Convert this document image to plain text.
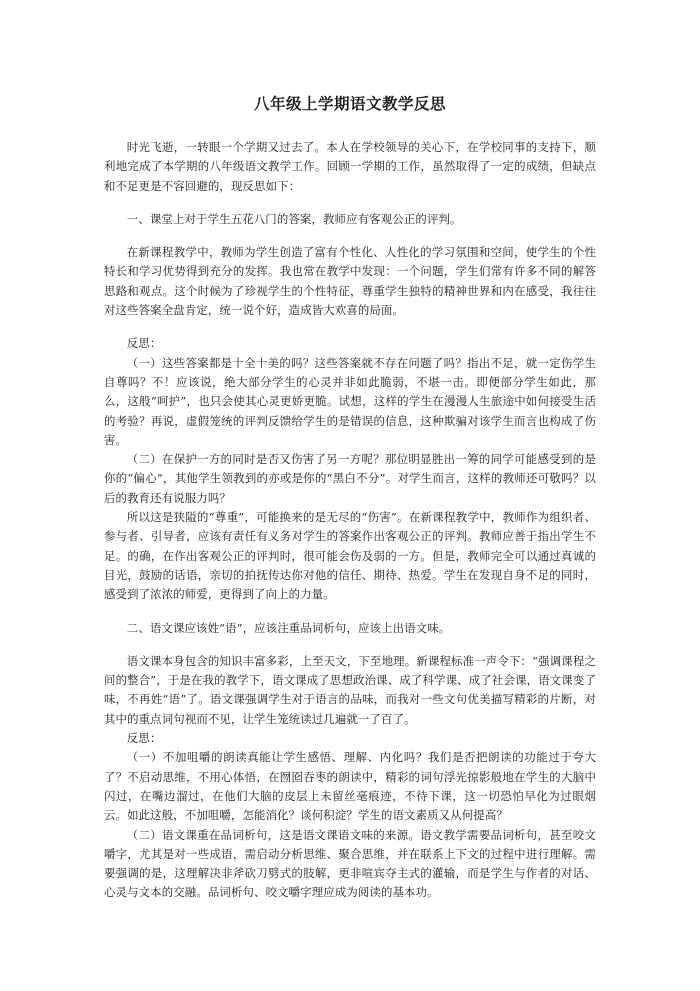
八年级上学期语文教学反思

时光飞逝，一转眼一个学期又过去了。本人在学校领导的关心下，在学校同事的支持下，顺利地完成了本学期的八年级语文教学工作。回顾一学期的工作，虽然取得了一定的成绩，但缺点和不足更是不容回避的，现反思如下：

一、课堂上对于学生五花八门的答案，教师应有客观公正的评判。

在新课程教学中，教师为学生创造了富有个性化、人性化的学习氛围和空间，使学生的个性特长和学习优势得到充分的发挥。我也常在教学中发现：一个问题，学生们常有许多不同的解答思路和观点。这个时候为了珍视学生的个性特征，尊重学生独特的精神世界和内在感受，我往往对这些答案全盘肯定，统一说个好，造成皆大欢喜的局面。

反思：

（一）这些答案都是十全十美的吗？这些答案就不存在问题了吗？指出不足，就一定伤学生自尊吗？不！应该说，绝大部分学生的心灵并非如此脆弱，不堪一击。即便部分学生如此，那么，这般“呵护”，也只会使其心灵更娇更脆。试想，这样的学生在漫漫人生旅途中如何接受生活的考验？再说，虚假笼统的评判反馈给学生的是错误的信息，这种欺骗对该学生而言也构成了伤害。

（二）在保护一方的同时是否又伤害了另一方呢？那位明显胜出一筹的同学可能感受到的是你的“偏心”，其他学生领教到的亦或是你的“黑白不分”。对学生而言，这样的教师还可敬吗？以后的教育还有说服力吗？

所以这是狭隘的“尊重”，可能换来的是无尽的“伤害”。在新课程教学中，教师作为组织者、参与者、引导者，应该有责任有义务对学生的答案作出客观公正的评判。教师应善于指出学生不足。的确，在作出客观公正的评判时，很可能会伤及弱的一方。但是，教师完全可以通过真诚的目光，鼓励的话语，亲切的拍抚传达你对他的信任、期待、热爱。学生在发现自身不足的同时，感受到了浓浓的师爱，更得到了向上的力量。

二、语文课应该姓“语”，应该注重品词析句，应该上出语文味。

语文课本身包含的知识丰富多彩，上至天文，下至地理。新课程标准一声令下：“强调课程之间的整合”，于是在我的教学下，语文课成了思想政治课、成了科学课、成了社会课，语文课变了味，不再姓“语”了。语文课强调学生对于语言的品味，而我对一些文句优美描写精彩的片断，对其中的重点词句视而不见，让学生笼统读过几遍就一了百了。

反思：

（一）不加咀嚼的朗读真能让学生感悟、理解、内化吗？我们是否把朗读的功能过于夸大了？不启动思维，不用心体悟，在囫囵吞枣的朗读中，精彩的词句浮光掠影般地在学生的大脑中闪过，在嘴边溜过，在他们大脑的皮层上未留丝毫痕迹，不待下课，这一切恐怕早化为过眼烟云。如此这般，不加咀嚼，怎能消化？谈何积淀？学生的语文素质又从何提高？

（二）语文课重在品词析句，这是语文课语文味的来源。语文教学需要品词析句，甚至咬文嚼字，尤其是对一些成语，需启动分析思维、聚合思维，并在联系上下文的过程中进行理解。需要强调的是，这理解决非斧砍刀劈式的肢解，更非喧宾夺主式的灌输，而是学生与作者的对话、心灵与文本的交融。品词析句、咬文嚼字理应成为阅读的基本功。
